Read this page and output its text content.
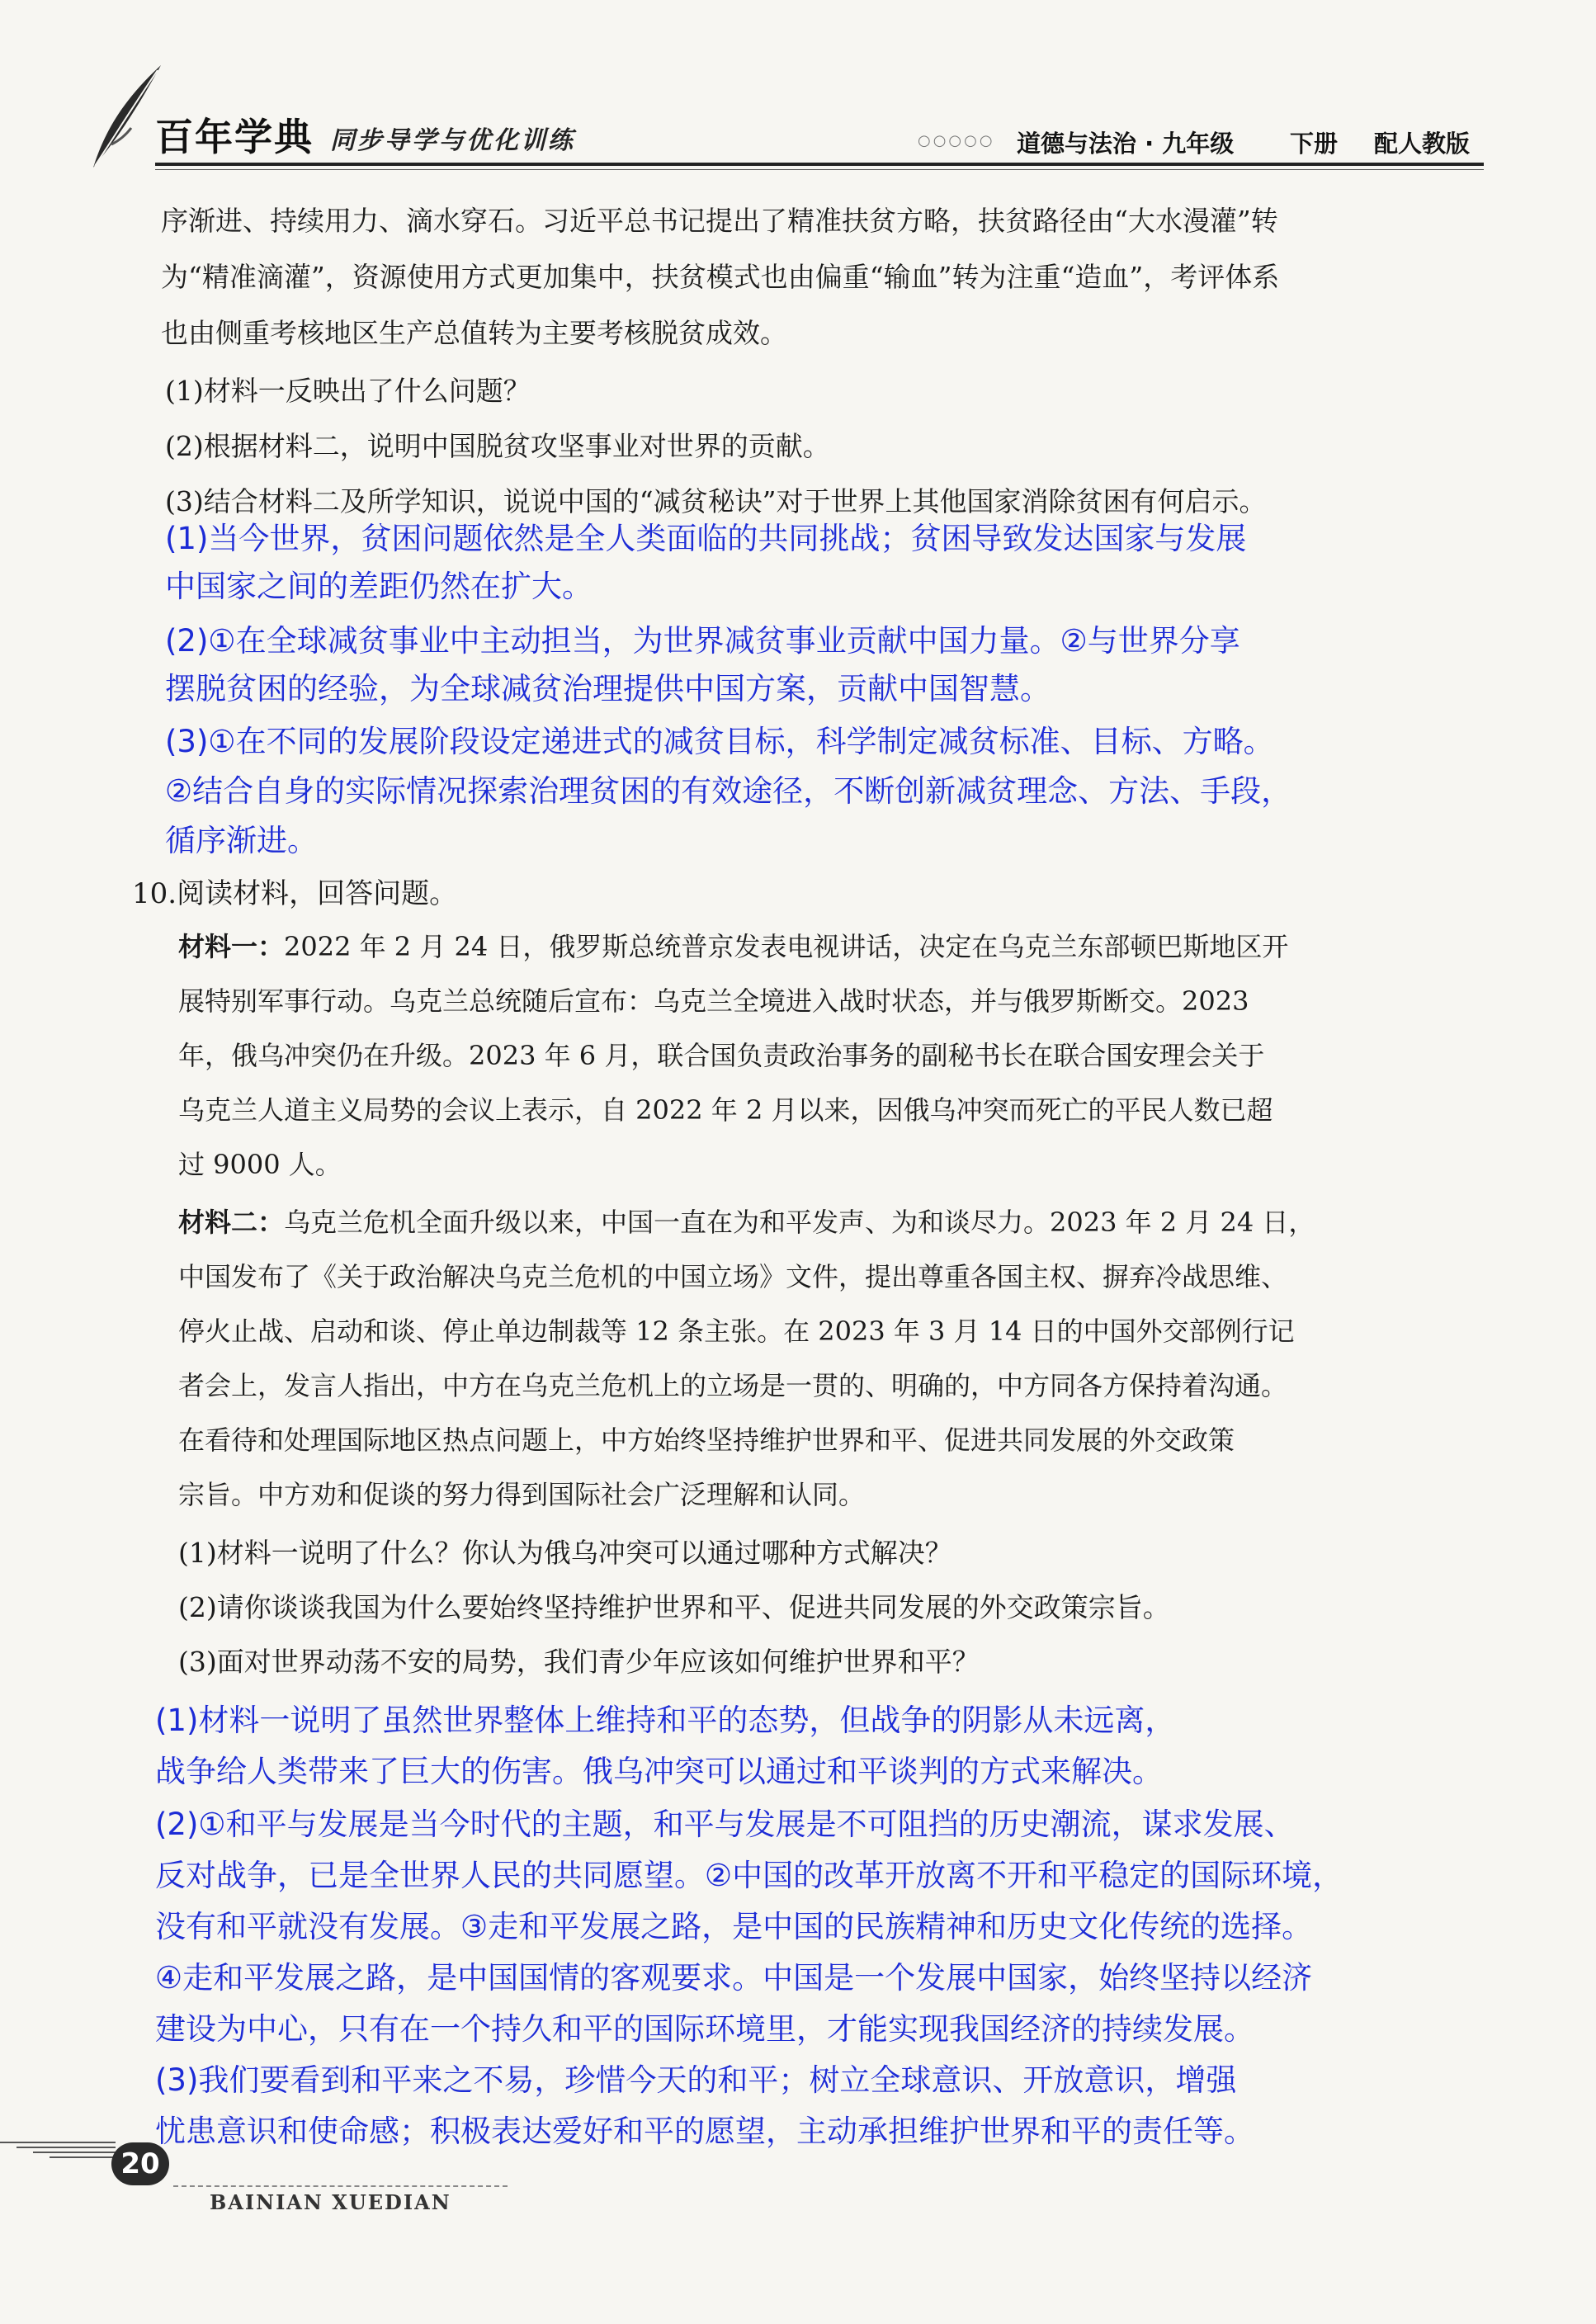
百年学典 同步导学与优化训练	○○○○○ 道德与法治 · 九年级 下册 配人教版
序渐进、持续用力、滴水穿石。习近平总书记提出了精准扶贫方略，扶贫路径由“大水漫灌”转
为“精准滴灌”，资源使用方式更加集中，扶贫模式也由偏重“输血”转为注重“造血”，考评体系
也由侧重考核地区生产总值转为主要考核脱贫成效。
(1)材料一反映出了什么问题？
(2)根据材料二，说明中国脱贫攻坚事业对世界的贡献。
(3)结合材料二及所学知识，说说中国的“减贫秘诀”对于世界上其他国家消除贫困有何启示。
(1)当今世界，贫困问题依然是全人类面临的共同挑战；贫困导致发达国家与发展
中国家之间的差距仍然在扩大。
(2)①在全球减贫事业中主动担当，为世界减贫事业贡献中国力量。②与世界分享
摆脱贫困的经验，为全球减贫治理提供中国方案，贡献中国智慧。
(3)①在不同的发展阶段设定递进式的减贫目标，科学制定减贫标准、目标、方略。
②结合自身的实际情况探索治理贫困的有效途径，不断创新减贫理念、方法、手段，
循序渐进。
10.阅读材料，回答问题。
材料一：2022 年 2 月 24 日，俄罗斯总统普京发表电视讲话，决定在乌克兰东部顿巴斯地区开
展特别军事行动。乌克兰总统随后宣布：乌克兰全境进入战时状态，并与俄罗斯断交。2023
年，俄乌冲突仍在升级。2023 年 6 月，联合国负责政治事务的副秘书长在联合国安理会关于
乌克兰人道主义局势的会议上表示，自 2022 年 2 月以来，因俄乌冲突而死亡的平民人数已超
过 9000 人。
材料二：乌克兰危机全面升级以来，中国一直在为和平发声、为和谈尽力。2023 年 2 月 24 日，
中国发布了《关于政治解决乌克兰危机的中国立场》文件，提出尊重各国主权、摒弃冷战思维、
停火止战、启动和谈、停止单边制裁等 12 条主张。在 2023 年 3 月 14 日的中国外交部例行记
者会上，发言人指出，中方在乌克兰危机上的立场是一贯的、明确的，中方同各方保持着沟通。
在看待和处理国际地区热点问题上，中方始终坚持维护世界和平、促进共同发展的外交政策
宗旨。中方劝和促谈的努力得到国际社会广泛理解和认同。
(1)材料一说明了什么？你认为俄乌冲突可以通过哪种方式解决？
(2)请你谈谈我国为什么要始终坚持维护世界和平、促进共同发展的外交政策宗旨。
(3)面对世界动荡不安的局势，我们青少年应该如何维护世界和平？
(1)材料一说明了虽然世界整体上维持和平的态势，但战争的阴影从未远离，
战争给人类带来了巨大的伤害。俄乌冲突可以通过和平谈判的方式来解决。
(2)①和平与发展是当今时代的主题，和平与发展是不可阻挡的历史潮流，谋求发展、
反对战争，已是全世界人民的共同愿望。②中国的改革开放离不开和平稳定的国际环境，
没有和平就没有发展。③走和平发展之路，是中国的民族精神和历史文化传统的选择。
④走和平发展之路，是中国国情的客观要求。中国是一个发展中国家，始终坚持以经济
建设为中心，只有在一个持久和平的国际环境里，才能实现我国经济的持续发展。
(3)我们要看到和平来之不易，珍惜今天的和平；树立全球意识、开放意识，增强
忧患意识和使命感；积极表达爱好和平的愿望，主动承担维护世界和平的责任等。
20
BAINIAN XUEDIAN
